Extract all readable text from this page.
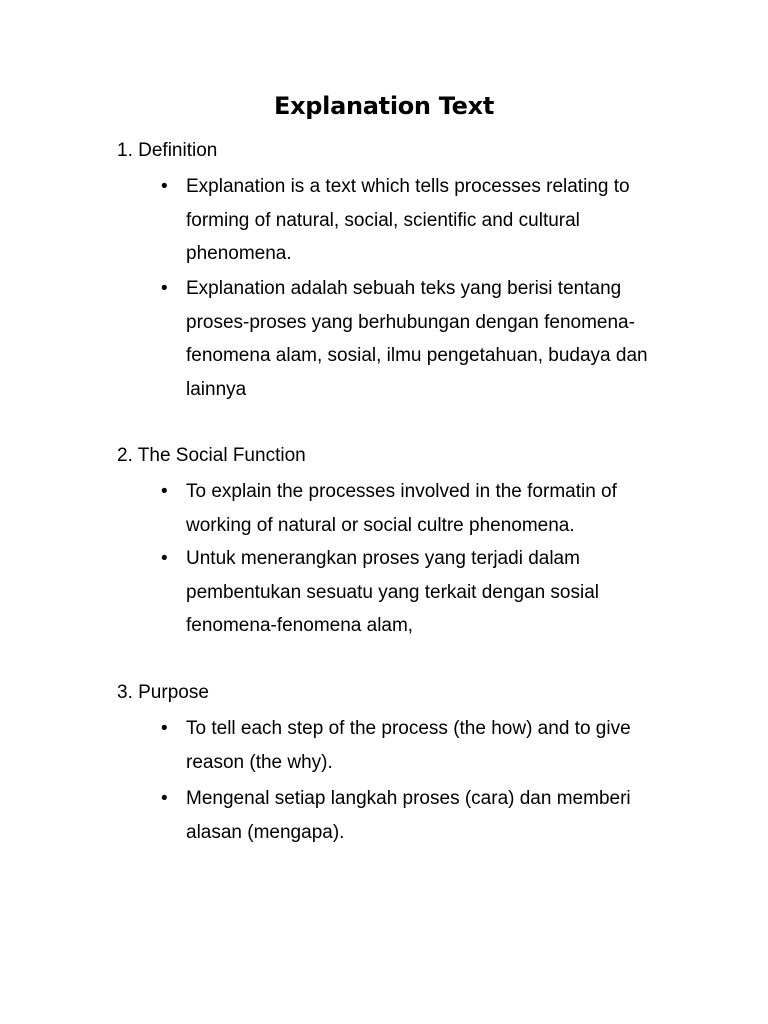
Explanation Text
1. Definition
• Explanation is a text which tells processes relating to forming of natural, social, scientific and cultural phenomena.
• Explanation adalah sebuah teks yang berisi tentang proses-proses yang berhubungan dengan fenomena-fenomena alam, sosial, ilmu pengetahuan, budaya dan lainnya
2. The Social Function
• To explain the processes involved in the formatin of working of natural or social cultre phenomena.
• Untuk menerangkan proses yang terjadi dalam pembentukan sesuatu yang terkait dengan sosial fenomena-fenomena alam,
3. Purpose
• To tell each step of the process (the how) and to give reason (the why).
• Mengenal setiap langkah proses (cara) dan memberi alasan (mengapa).
